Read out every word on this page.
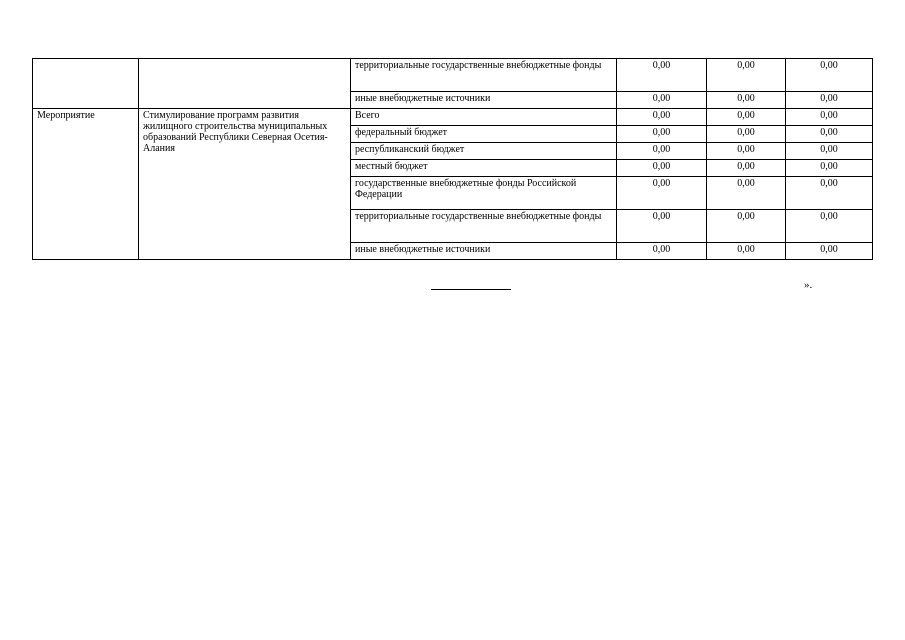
		территориальные государственные внебюджетные фонды	0,00	0,00	0,00
		иные внебюджетные источники	0,00	0,00	0,00
Мероприятие	Стимулирование программ развития жилищного строительства муниципальных образований Республики Северная Осетия-Алания	Всего	0,00	0,00	0,00
		федеральный бюджет	0,00	0,00	0,00
		республиканский бюджет	0,00	0,00	0,00
		местный бюджет	0,00	0,00	0,00
		государственные внебюджетные фонды Российской Федерации	0,00	0,00	0,00
		территориальные государственные внебюджетные фонды	0,00	0,00	0,00
		иные внебюджетные источники	0,00	0,00	0,00
».
